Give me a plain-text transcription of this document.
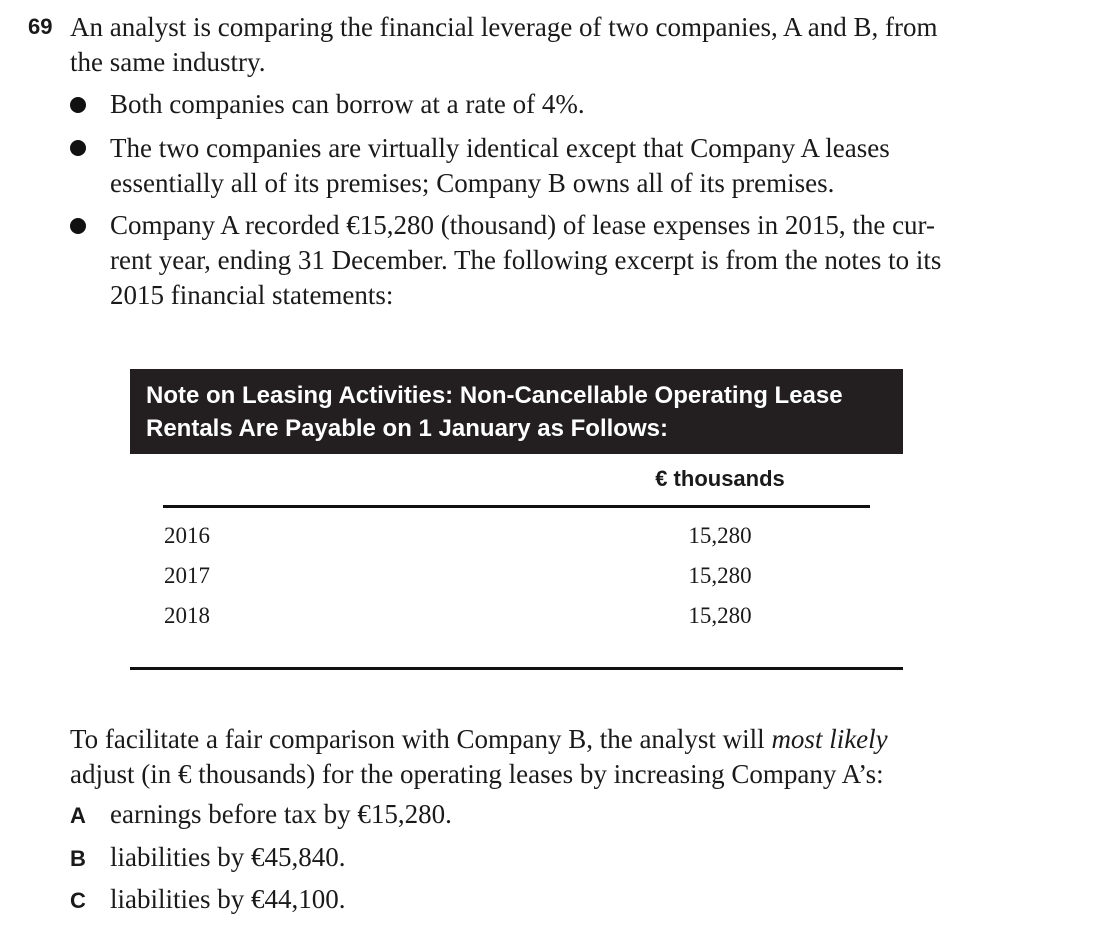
69 An analyst is comparing the financial leverage of two companies, A and B, from
the same industry.

Both companies can borrow at a rate of 4%.
The two companies are virtually identical except that Company A leases
essentially all of its premises; Company B owns all of its premises.
Company A recorded €15,280 (thousand) of lease expenses in 2015, the cur-
rent year, ending 31 December. The following excerpt is from the notes to its
2015 financial statements:
Note on Leasing Activities: Non-Cancellable Operating Lease
Rentals Are Payable on 1 January as Follows:
€ thousands
2016	15,280
2017	15,280
2018	15,280

To facilitate a fair comparison with Company B, the analyst will most likely
adjust (in € thousands) for the operating leases by increasing Company A’s:

A earnings before tax by €15,280.
B liabilities by €45,840.
C liabilities by €44,100.
